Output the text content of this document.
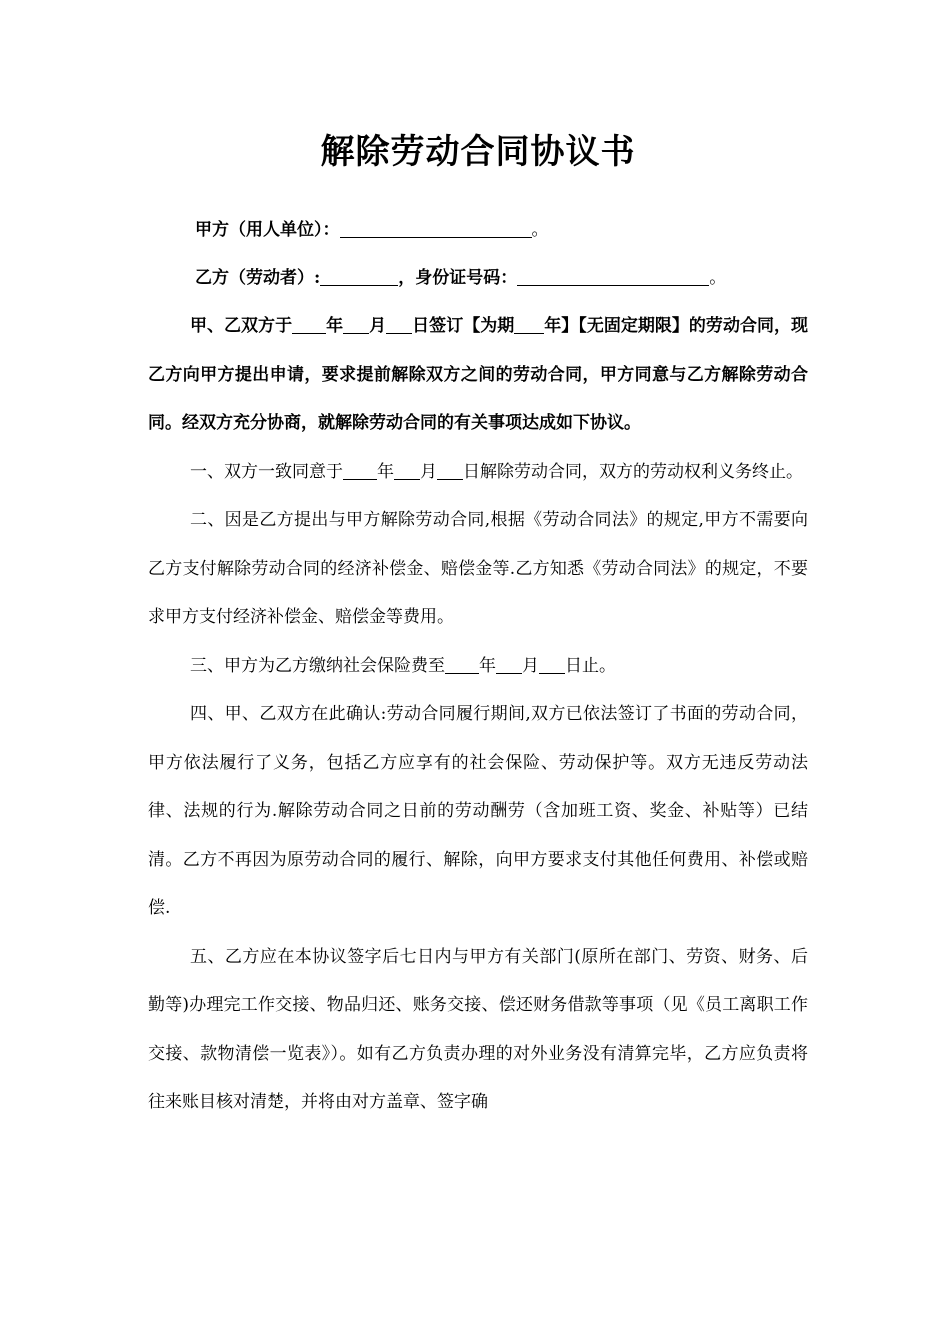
解除劳动合同协议书
甲方（用人单位）：	。
乙方（劳动者）:	，身份证号码：	。

甲、乙双方于 年 月 日签订【为期 年】【无固定期限】的劳动合同，现乙方向甲方提出申请，要求提前解除双方之间的劳动合同，甲方同意与乙方解除劳动合同。经双方充分协商，就解除劳动合同的有关事项达成如下协议。

一、双方一致同意于 年 月 日解除劳动合同，双方的劳动权利义务终止。

二、因是乙方提出与甲方解除劳动合同,根据《劳动合同法》的规定,甲方不需要向乙方支付解除劳动合同的经济补偿金、赔偿金等.乙方知悉《劳动合同法》的规定，不要求甲方支付经济补偿金、赔偿金等费用。

三、甲方为乙方缴纳社会保险费至 年 月 日止。

四、甲、乙双方在此确认:劳动合同履行期间,双方已依法签订了书面的劳动合同，甲方依法履行了义务，包括乙方应享有的社会保险、劳动保护等。双方无违反劳动法律、法规的行为.解除劳动合同之日前的劳动酬劳（含加班工资、奖金、补贴等）已结清。乙方不再因为原劳动合同的履行、解除，向甲方要求支付其他任何费用、补偿或赔偿.

五、乙方应在本协议签字后七日内与甲方有关部门(原所在部门、劳资、财务、后勤等)办理完工作交接、物品归还、账务交接、偿还财务借款等事项（见《员工离职工作交接、款物清偿一览表》）。如有乙方负责办理的对外业务没有清算完毕，乙方应负责将往来账目核对清楚，并将由对方盖章、签字确
